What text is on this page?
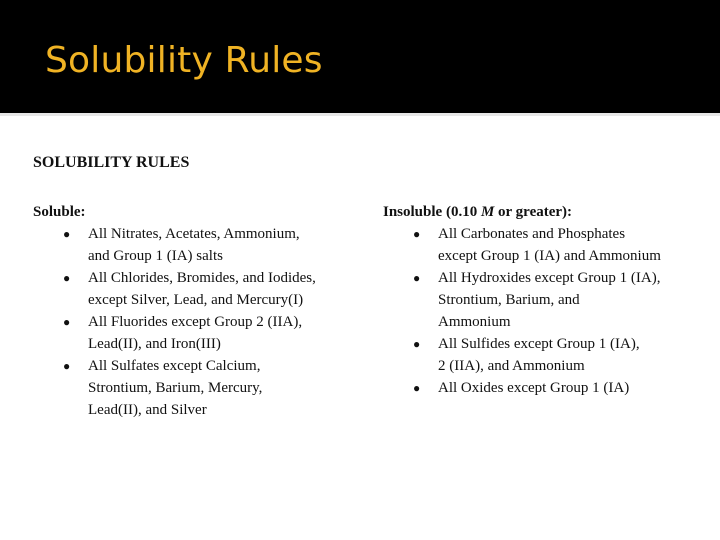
Solubility Rules
SOLUBILITY RULES
Soluble:
● All Nitrates, Acetates, Ammonium,
and Group 1 (IA) salts
● All Chlorides, Bromides, and Iodides,
except Silver, Lead, and Mercury(I)
● All Fluorides except Group 2 (IIA),
Lead(II), and Iron(III)
● All Sulfates except Calcium,
Strontium, Barium, Mercury,
Lead(II), and Silver
Insoluble (0.10 M or greater):
● All Carbonates and Phosphates
except Group 1 (IA) and Ammonium
● All Hydroxides except Group 1 (IA),
Strontium, Barium, and
Ammonium
● All Sulfides except Group 1 (IA),
2 (IIA), and Ammonium
● All Oxides except Group 1 (IA)
